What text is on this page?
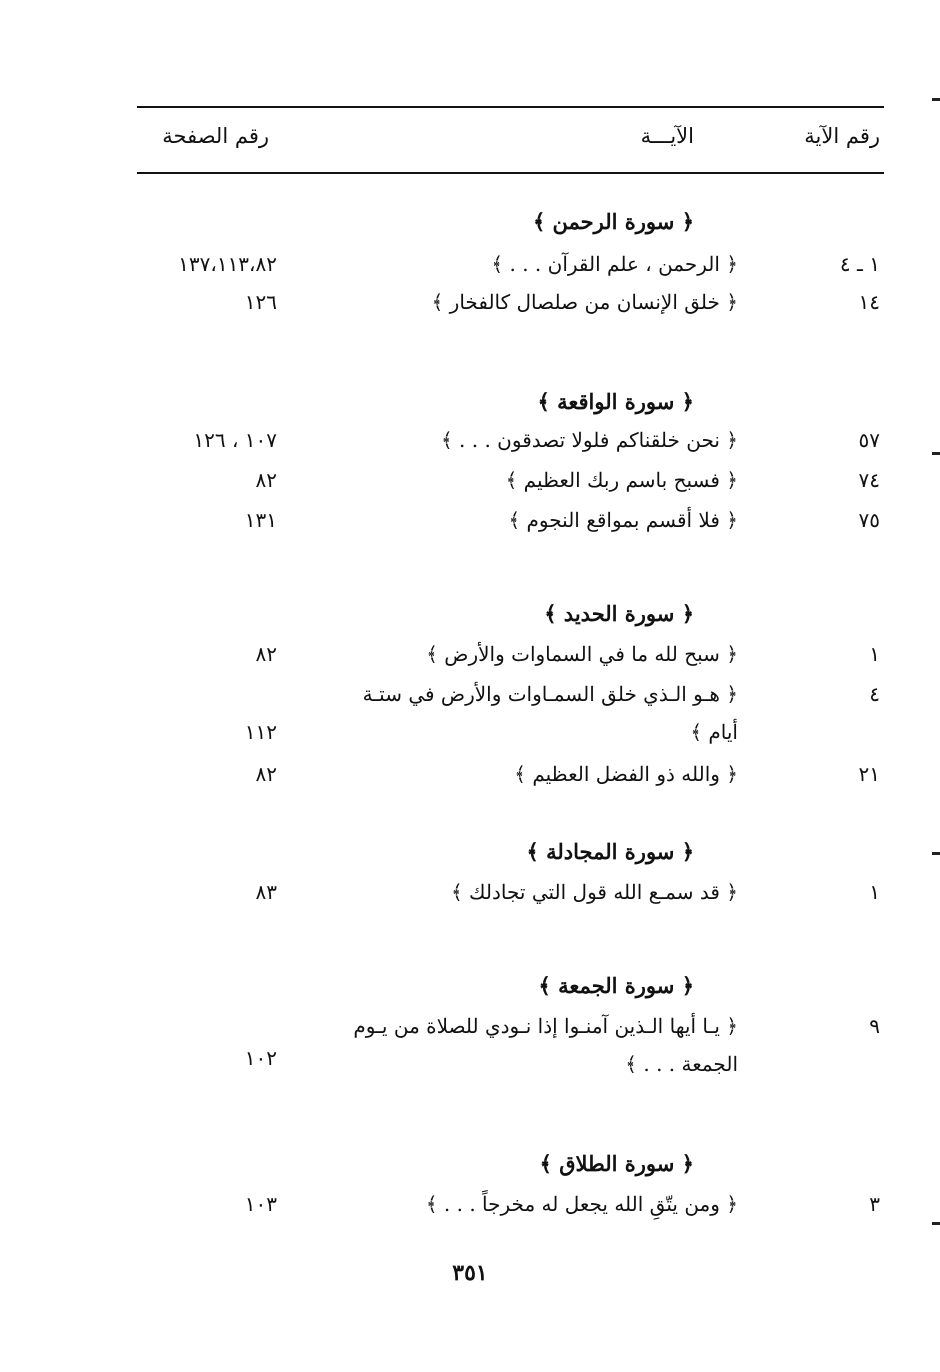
رقم الآية
الآيـــة
رقم الصفحة
﴿ سورة الرحمن ﴾
١ ـ ٤
﴿ الرحمن ، علم القرآن . . . ﴾
١٣٧،١١٣،٨٢
١٤
﴿ خلق الإنسان من صلصال كالفخار ﴾
١٢٦
﴿ سورة الواقعة ﴾
٥٧
﴿ نحن خلقناكم فلولا تصدقون . . . ﴾
١٠٧ ، ١٢٦
٧٤
﴿ فسبح باسم ربك العظيم ﴾
٨٢
٧٥
﴿ فلا أقسم بمواقع النجوم ﴾
١٣١
﴿ سورة الحديد ﴾
١
﴿ سبح لله ما في السماوات والأرض ﴾
٨٢
٤
﴿ هـو الـذي خلق السمـاوات والأرض في ستـة
أيام ﴾
١١٢
٢١
﴿ والله ذو الفضل العظيم ﴾
٨٢
﴿ سورة المجادلة ﴾
١
﴿ قد سمـع الله قول التي تجادلك ﴾
٨٣
﴿ سورة الجمعة ﴾
٩
﴿ يـا أيها الـذين آمنـوا إذا نـودي للصلاة من يـوم
الجمعة . . . ﴾
١٠٢
﴿ سورة الطلاق ﴾
٣
﴿ ومن يتّقِ الله يجعل له مخرجاً . . . ﴾
١٠٣
٣٥١
